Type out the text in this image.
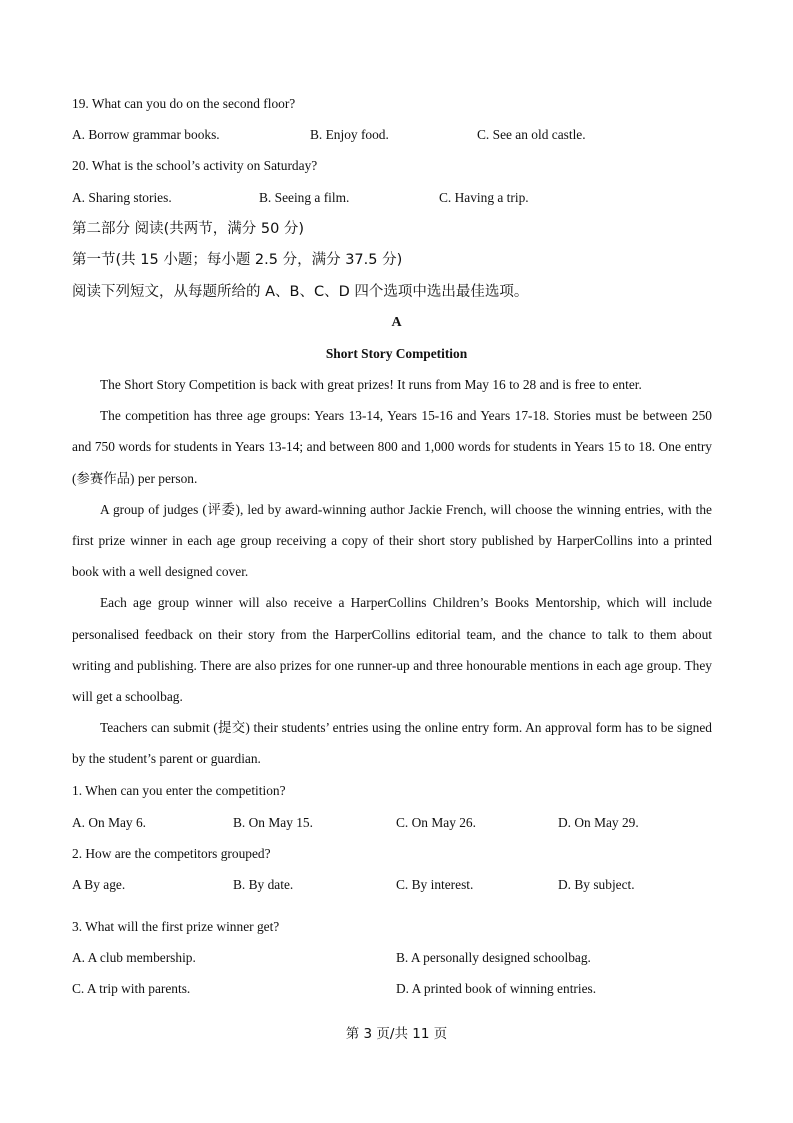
19. What can you do on the second floor?
A. Borrow grammar books.	B. Enjoy food.	C. See an old castle.
20. What is the school’s activity on Saturday?
A. Sharing stories.	B. Seeing a film.	C. Having a trip.
第二部分 阅读(共两节，满分 50 分)
第一节(共 15 小题；每小题 2.5 分，满分 37.5 分)
阅读下列短文，从每题所给的 A、B、C、D 四个选项中选出最佳选项。
A
Short Story Competition

The Short Story Competition is back with great prizes! It runs from May 16 to 28 and is free to enter.

The competition has three age groups: Years 13-14, Years 15-16 and Years 17-18. Stories must be between 250 and 750 words for students in Years 13-14; and between 800 and 1,000 words for students in Years 15 to 18. One entry (参赛作品) per person.

A group of judges (评委), led by award-winning author Jackie French, will choose the winning entries, with the first prize winner in each age group receiving a copy of their short story published by HarperCollins into a printed book with a well designed cover.

Each age group winner will also receive a HarperCollins Children’s Books Mentorship, which will include personalised feedback on their story from the HarperCollins editorial team, and the chance to talk to them about writing and publishing. There are also prizes for one runner-up and three honourable mentions in each age group. They will get a schoolbag.

Teachers can submit (提交) their students’ entries using the online entry form. An approval form has to be signed by the student’s parent or guardian.

1. When can you enter the competition?
A. On May 6.	B. On May 15.	C. On May 26.	D. On May 29.
2. How are the competitors grouped?
A By age.	B. By date.	C. By interest.	D. By subject.
3. What will the first prize winner get?
A. A club membership.	B. A personally designed schoolbag.
C. A trip with parents.	D. A printed book of winning entries.
第 3 页/共 11 页
